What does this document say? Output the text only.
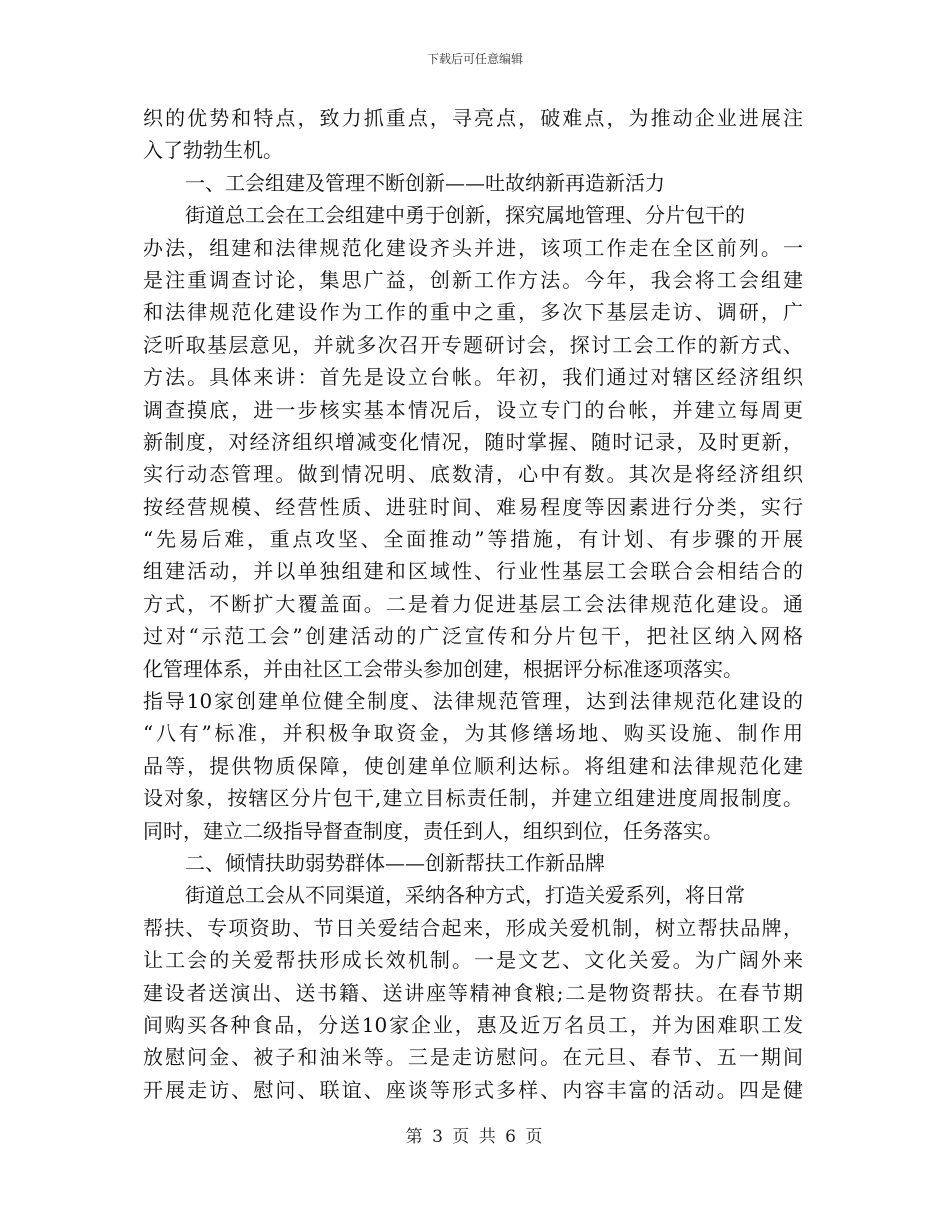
下载后可任意编辑
织的优势和特点，致力抓重点，寻亮点，破难点，为推动企业进展注
入了勃勃生机。
一、工会组建及管理不断创新——吐故纳新再造新活力
街道总工会在工会组建中勇于创新，探究属地管理、分片包干的
办法，组建和法律规范化建设齐头并进，该项工作走在全区前列。一
是注重调查讨论，集思广益，创新工作方法。今年，我会将工会组建
和法律规范化建设作为工作的重中之重，多次下基层走访、调研，广
泛听取基层意见，并就多次召开专题研讨会，探讨工会工作的新方式、
方法。具体来讲：首先是设立台帐。年初，我们通过对辖区经济组织
调查摸底，进一步核实基本情况后，设立专门的台帐，并建立每周更
新制度，对经济组织增减变化情况，随时掌握、随时记录，及时更新，
实行动态管理。做到情况明、底数清，心中有数。其次是将经济组织
按经营规模、经营性质、进驻时间、难易程度等因素进行分类，实行
“先易后难，重点攻坚、全面推动”等措施，有计划、有步骤的开展
组建活动，并以单独组建和区域性、行业性基层工会联合会相结合的
方式，不断扩大覆盖面。二是着力促进基层工会法律规范化建设。通
过对“示范工会”创建活动的广泛宣传和分片包干，把社区纳入网格
化管理体系，并由社区工会带头参加创建，根据评分标准逐项落实。
指导10家创建单位健全制度、法律规范管理，达到法律规范化建设的
“八有”标准，并积极争取资金，为其修缮场地、购买设施、制作用
品等，提供物质保障，使创建单位顺利达标。将组建和法律规范化建
设对象，按辖区分片包干,建立目标责任制，并建立组建进度周报制度。
同时，建立二级指导督查制度，责任到人，组织到位，任务落实。
二、倾情扶助弱势群体——创新帮扶工作新品牌
街道总工会从不同渠道，采纳各种方式，打造关爱系列，将日常
帮扶、专项资助、节日关爱结合起来，形成关爱机制，树立帮扶品牌，
让工会的关爱帮扶形成长效机制。一是文艺、文化关爱。为广阔外来
建设者送演出、送书籍、送讲座等精神食粮;二是物资帮扶。在春节期
间购买各种食品，分送10家企业，惠及近万名员工，并为困难职工发
放慰问金、被子和油米等。三是走访慰问。在元旦、春节、五一期间
开展走访、慰问、联谊、座谈等形式多样、内容丰富的活动。四是健
第 3 页 共 6 页
